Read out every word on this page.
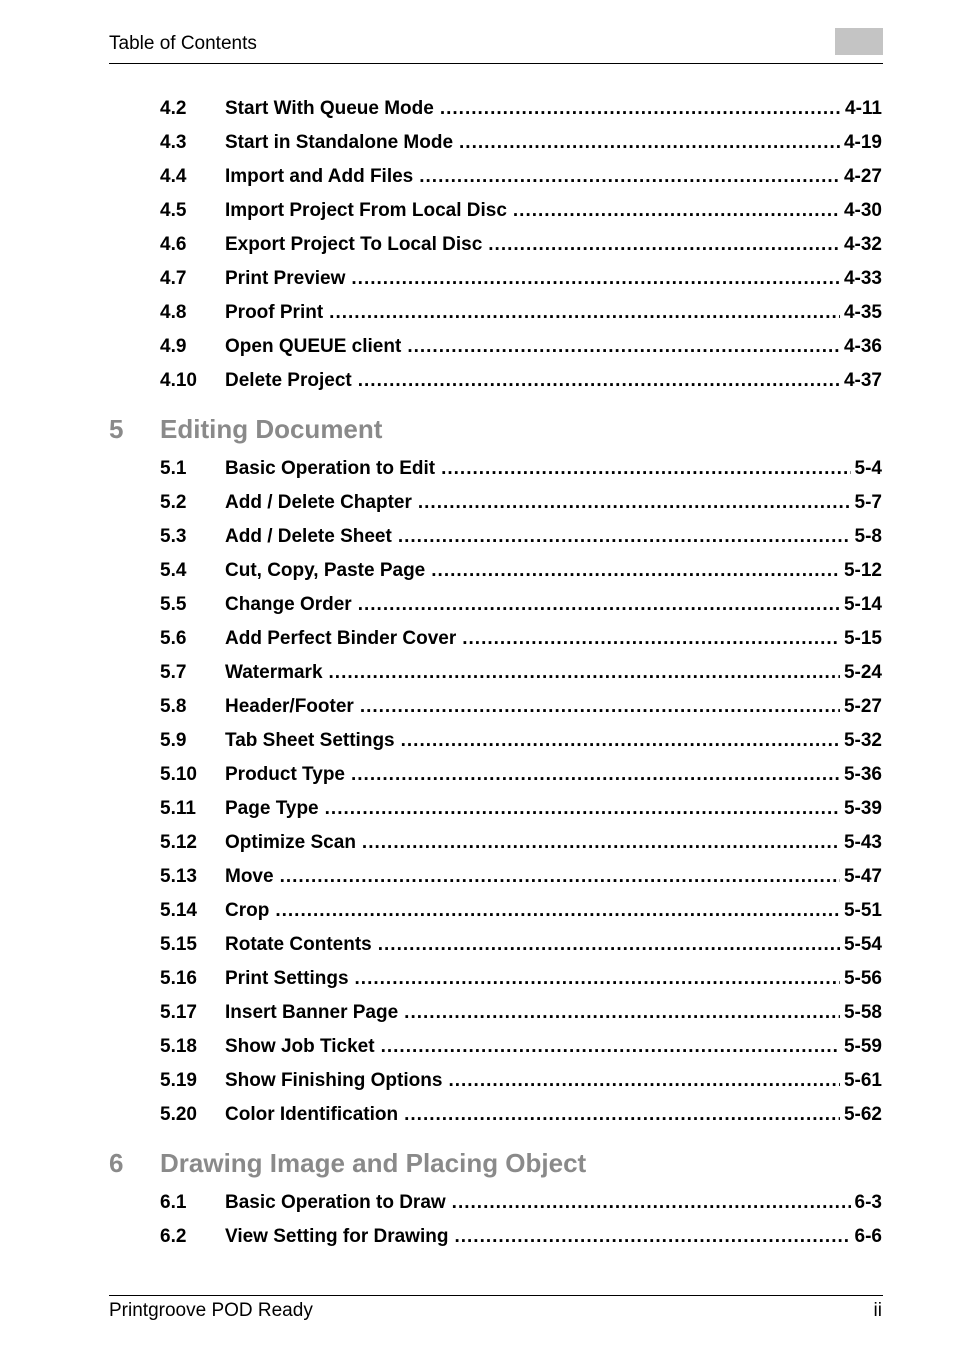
Table of Contents
4.2 Start With Queue Mode .....	4-11
4.3 Start in Standalone Mode .....	4-19
4.4 Import and Add Files .....	4-27
4.5 Import Project From Local Disc .....	4-30
4.6 Export Project To Local Disc .....	4-32
4.7 Print Preview .....	4-33
4.8 Proof Print .....	4-35
4.9 Open QUEUE client .....	4-36
4.10 Delete Project .....	4-37
5 Editing Document
5.1 Basic Operation to Edit .....	5-4
5.2 Add / Delete Chapter .....	5-7
5.3 Add / Delete Sheet .....	5-8
5.4 Cut, Copy, Paste Page .....	5-12
5.5 Change Order .....	5-14
5.6 Add Perfect Binder Cover .....	5-15
5.7 Watermark .....	5-24
5.8 Header/Footer .....	5-27
5.9 Tab Sheet Settings .....	5-32
5.10 Product Type .....	5-36
5.11 Page Type .....	5-39
5.12 Optimize Scan .....	5-43
5.13 Move .....	5-47
5.14 Crop .....	5-51
5.15 Rotate Contents .....	5-54
5.16 Print Settings .....	5-56
5.17 Insert Banner Page .....	5-58
5.18 Show Job Ticket .....	5-59
5.19 Show Finishing Options .....	5-61
5.20 Color Identification .....	5-62
6 Drawing Image and Placing Object
6.1 Basic Operation to Draw .....	6-3
6.2 View Setting for Drawing .....	6-6
Printgroove POD Ready	ii
